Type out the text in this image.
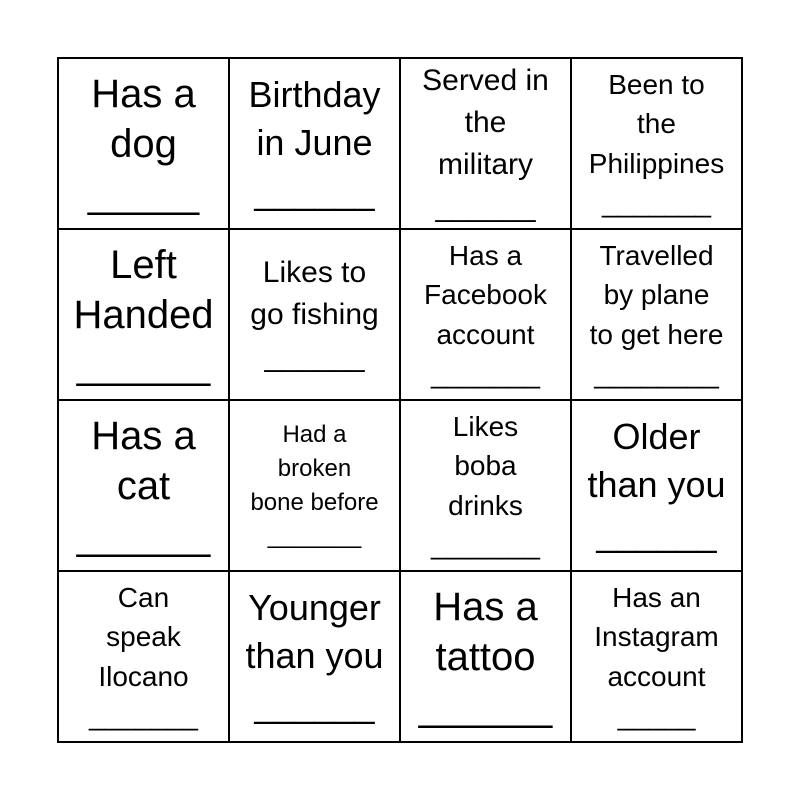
Has a
dog
_____
Birthday
in June
______
Served in
the
military
______
Been to
the
Philippines
_______
Left
Handed
______
Likes to
go fishing
______
Has a
Facebook
account
_______
Travelled
by plane
to get here
________
Has a
cat
______
Had a
broken
bone before
_______
Likes
boba
drinks
_______
Older
than you
______
Can
speak
Ilocano
_______
Younger
than you
______
Has a
tattoo
______
Has an
Instagram
account
_____
